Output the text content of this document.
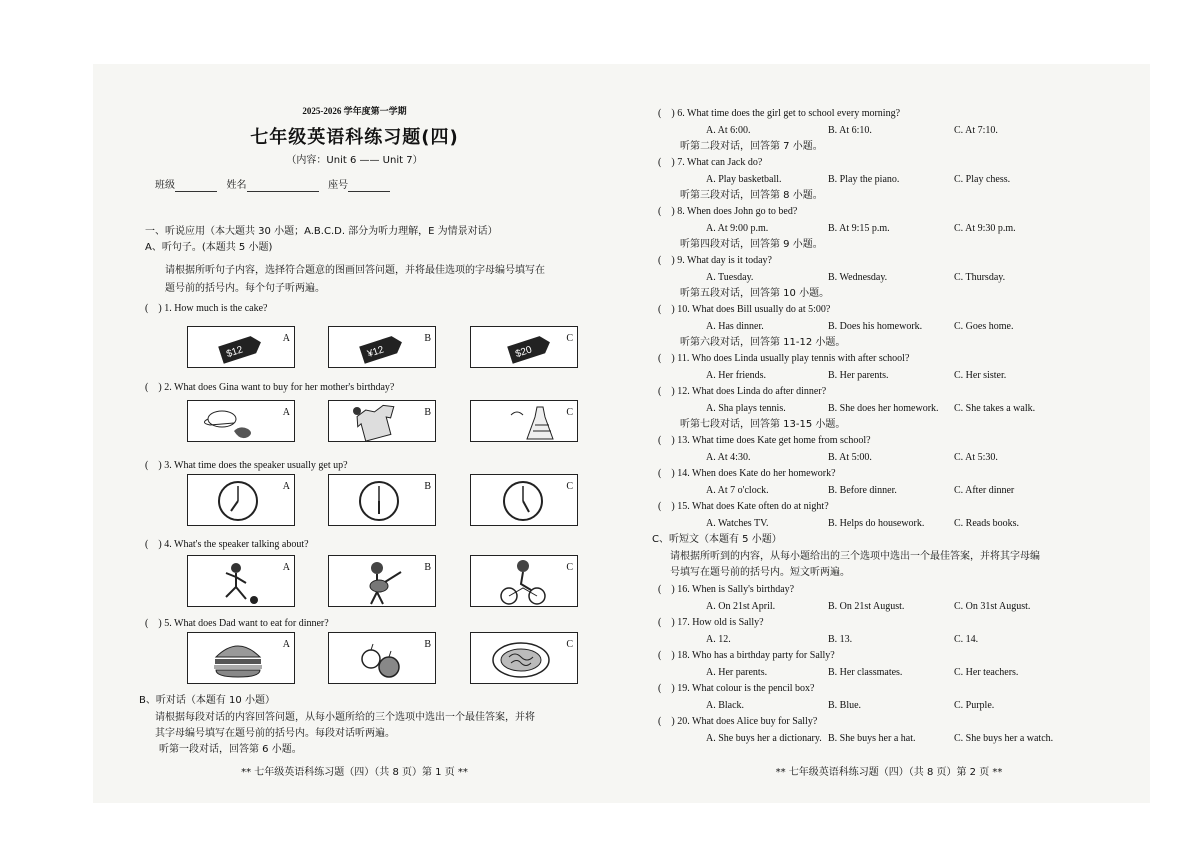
2025-2026 学年度第一学期
七年级英语科练习题(四)
（内容：Unit 6 —— Unit 7）
班级	姓名	座号
一、听说应用（本大题共 30 小题；A.B.C.D. 部分为听力理解，E 为情景对话）
A、听句子。(本题共 5 小题)
请根据所听句子内容，选择符合题意的图画回答问题，并将最佳选项的字母编号填写在
题号前的括号内。每个句子听两遍。
( ) 1. How much is the cake?
$12
A
¥12
B
$20
C
( ) 2. What does Gina want to buy for her mother's birthday?
A	B	C
( ) 3. What time does the speaker usually get up?
A	B	C
( ) 4. What's the speaker talking about?
A	B	C
( ) 5. What does Dad want to eat for dinner?
A	B	C
B、听对话（本题有 10 小题）
请根据每段对话的内容回答问题，从每小题所给的三个选项中选出一个最佳答案，并将
其字母编号填写在题号前的括号内。每段对话听两遍。
听第一段对话，回答第 6 小题。
** 七年级英语科练习题（四）（共 8 页）第 1 页 **
( ) 6. What time does the girl get to school every morning?
A. At 6:00.	B. At 6:10.	C. At 7:10.
听第二段对话，回答第 7 小题。
( ) 7. What can Jack do?
A. Play basketball.	B. Play the piano.	C. Play chess.
听第三段对话，回答第 8 小题。
( ) 8. When does John go to bed?
A. At 9:00 p.m.	B. At 9:15 p.m.	C. At 9:30 p.m.
听第四段对话，回答第 9 小题。
( ) 9. What day is it today?
A. Tuesday.	B. Wednesday.	C. Thursday.
听第五段对话，回答第 10 小题。
( ) 10. What does Bill usually do at 5:00?
A. Has dinner.	B. Does his homework.	C. Goes home.
听第六段对话，回答第 11-12 小题。
( ) 11. Who does Linda usually play tennis with after school?
A. Her friends.	B. Her parents.	C. Her sister.
( ) 12. What does Linda do after dinner?
A. Sha plays tennis.	B. She does her homework. C. She takes a walk.
听第七段对话，回答第 13-15 小题。
( ) 13. What time does Kate get home from school?
A. At 4:30.	B. At 5:00.	C. At 5:30.
( ) 14. When does Kate do her homework?
A. At 7 o'clock.	B. Before dinner.	C. After dinner
( ) 15. What does Kate often do at night?
A. Watches TV.	B. Helps do housework.	C. Reads books.
C、听短文（本题有 5 小题）
请根据所听到的内容，从每小题给出的三个选项中选出一个最佳答案，并将其字母编
号填写在题号前的括号内。短文听两遍。
( ) 16. When is Sally's birthday?
A. On 21st April.	B. On 21st August.	C. On 31st August.
( ) 17. How old is Sally?
A. 12.	B. 13.	C. 14.
( ) 18. Who has a birthday party for Sally?
A. Her parents.	B. Her classmates.	C. Her teachers.
( ) 19. What colour is the pencil box?
A. Black.	B. Blue.	C. Purple.
( ) 20. What does Alice buy for Sally?
A. She buys her a dictionary. B. She buys her a hat.	C. She buys her a watch.
** 七年级英语科练习题（四）（共 8 页）第 2 页 **
